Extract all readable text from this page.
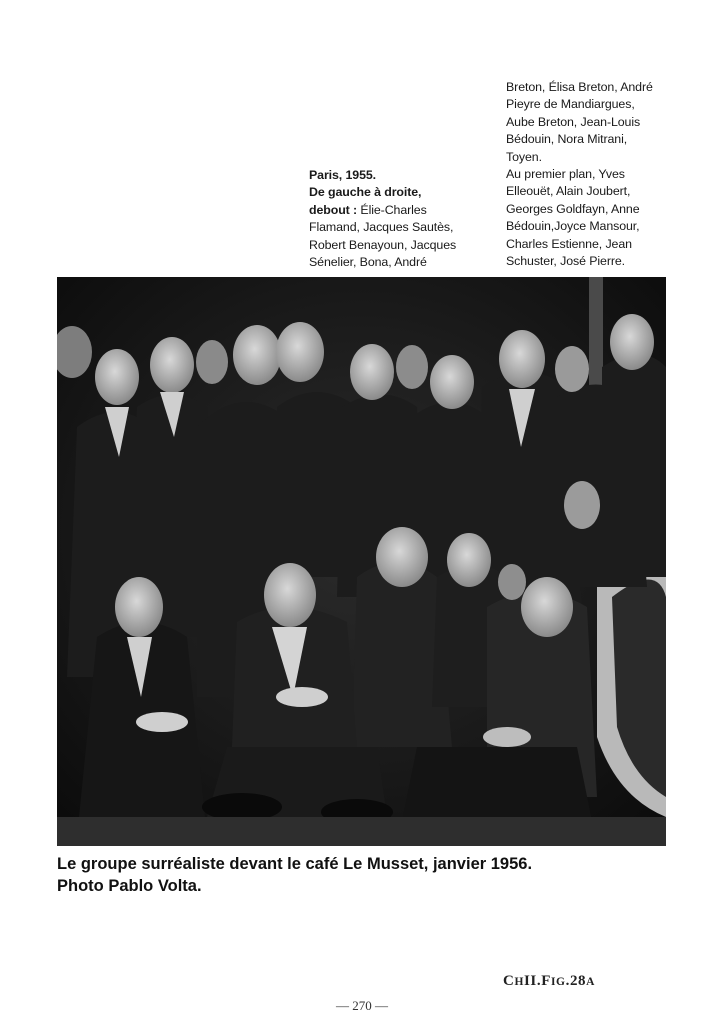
Paris, 1955.
De gauche à droite,
debout : Élie-Charles
Flamand, Jacques Sautès,
Robert Benayoun, Jacques
Sénelier, Bona, André
Breton, Élisa Breton, André
Pieyre de Mandiargues,
Aube Breton, Jean-Louis
Bédouin, Nora Mitrani,
Toyen.
Au premier plan, Yves
Elleouët, Alain Joubert,
Georges Goldfayn, Anne
Bédouin,Joyce Mansour,
Charles Estienne, Jean
Schuster, José Pierre.
Le groupe surréaliste devant le café Le Musset, janvier 1956.
Photo Pablo Volta.
CHII.FIG.28A
— 270 —
